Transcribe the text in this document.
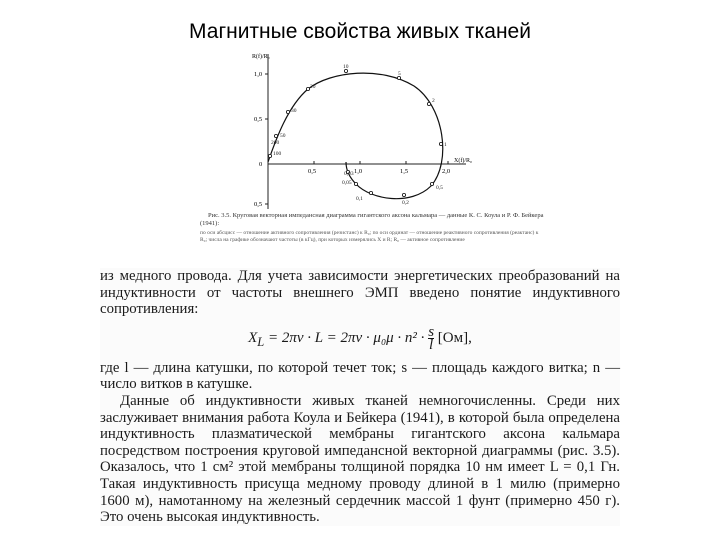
Магнитные свойства живых тканей
R(f)/R₀
X(f)/R₀
1,0
0,5
0
0,5
0,5	1,0	1,5	2,0
0,03
0,05
0,1
0,2
0,5
1
2
5
10
20
30
50
100
200

Рис. 3.5. Круговая векторная импедансная диаграмма гигантского аксона кальмара — данные К. С. Коула и Р. Ф. Бейкера (1941):

по оси абсцисс — отношение активного сопротивления (резистанс) к R₀; по оси ординат — отношение реактивного сопротивления (реактанс) к R₀; числа на графике обозначают частоты (в кГц), при которых измерялись X и R; R₀ — активное сопротивление

из медного провода. Для учета зависимости энергетических преобразований на индуктивности от частоты внешнего ЭМП введено понятие индуктивного сопротивления:

$X_L = 2\pi\nu \cdot L = 2\pi\nu \cdot \mu_0\mu \cdot n^2 \cdot \frac{s}{l} [Ом]$,

где l — длина катушки, по которой течет ток; s — площадь каждого витка; n — число витков в катушке.

Данные об индуктивности живых тканей немногочисленны. Среди них заслуживает внимания работа Коула и Бейкера (1941), в которой была определена индуктивность плазматической мембраны гигантского аксона кальмара посредством построения круговой импедансной векторной диаграммы (рис. 3.5). Оказалось, что 1 см² этой мембраны толщиной порядка 10 нм имеет L = 0,1 Гн. Такая индуктивность присуща медному проводу длиной в 1 милю (примерно 1600 м), намотанному на железный сердечник массой 1 фунт (примерно 450 г). Это очень высокая индуктивность.
